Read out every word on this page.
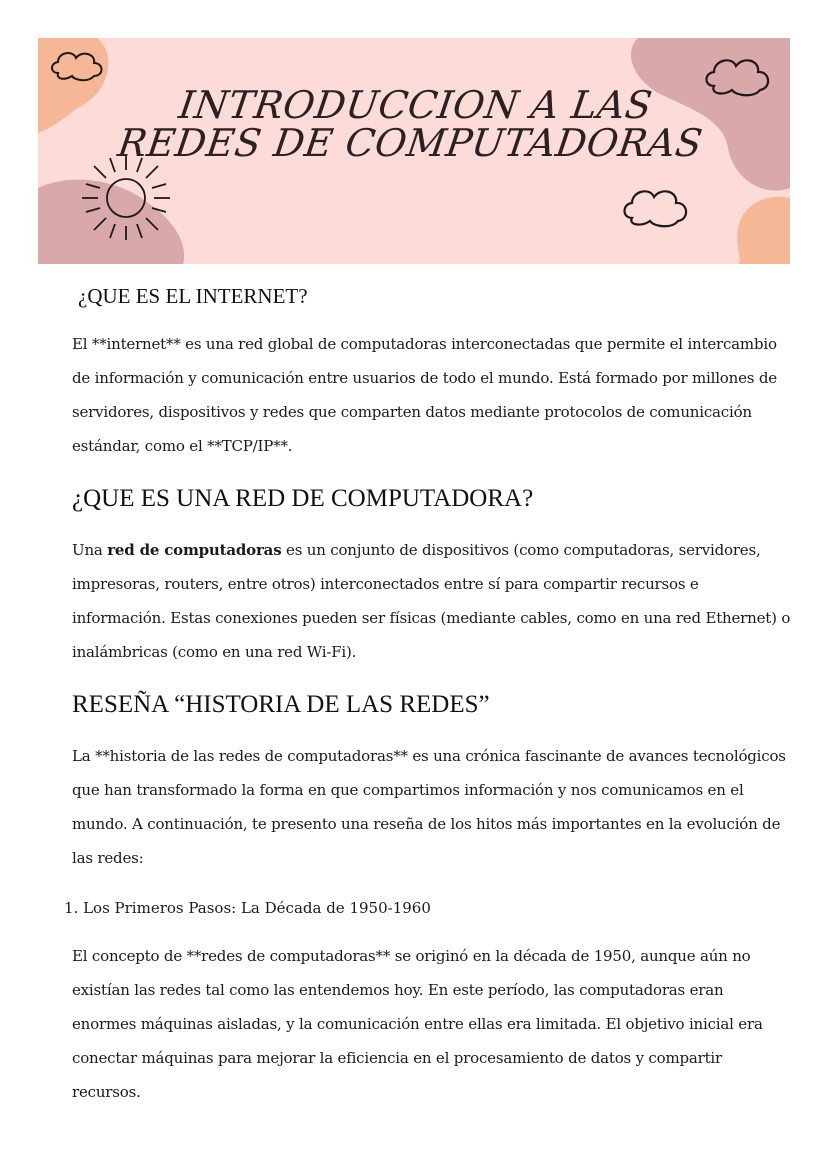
INTRODUCCION A LAS REDES DE COMPUTADORAS
¿QUE ES EL INTERNET?

El **internet** es una red global de computadoras interconectadas que permite el intercambio de información y comunicación entre usuarios de todo el mundo. Está formado por millones de servidores, dispositivos y redes que comparten datos mediante protocolos de comunicación estándar, como el **TCP/IP**.

¿QUE ES UNA RED DE COMPUTADORA?

Una red de computadoras es un conjunto de dispositivos (como computadoras, servidores, impresoras, routers, entre otros) interconectados entre sí para compartir recursos e información. Estas conexiones pueden ser físicas (mediante cables, como en una red Ethernet) o inalámbricas (como en una red Wi-Fi).

RESEÑA “HISTORIA DE LAS REDES”

La **historia de las redes de computadoras** es una crónica fascinante de avances tecnológicos que han transformado la forma en que compartimos información y nos comunicamos en el mundo. A continuación, te presento una reseña de los hitos más importantes en la evolución de las redes:

1. Los Primeros Pasos: La Década de 1950-1960

El concepto de **redes de computadoras** se originó en la década de 1950, aunque aún no existían las redes tal como las entendemos hoy. En este período, las computadoras eran enormes máquinas aisladas, y la comunicación entre ellas era limitada. El objetivo inicial era conectar máquinas para mejorar la eficiencia en el procesamiento de datos y compartir recursos.
